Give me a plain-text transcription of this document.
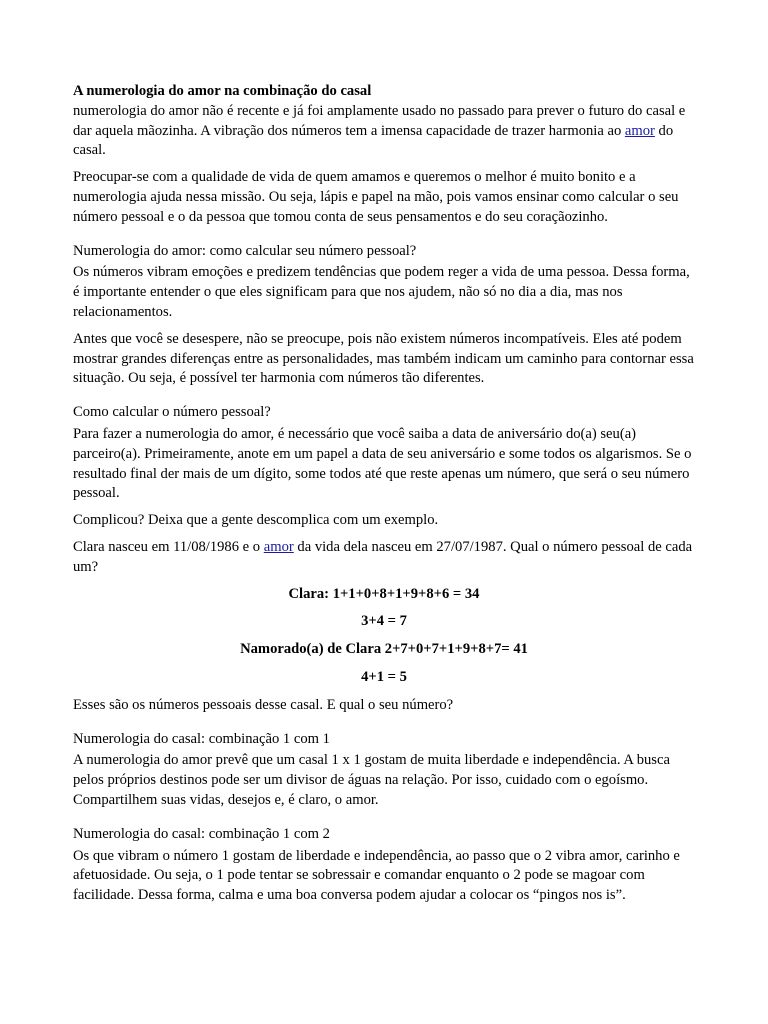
A numerologia do amor na combinação do casal

numerologia do amor não é recente e já foi amplamente usado no passado para prever o futuro do casal e dar aquela mãozinha. A vibração dos números tem a imensa capacidade de trazer harmonia ao amor do casal.

Preocupar-se com a qualidade de vida de quem amamos e queremos o melhor é muito bonito e a numerologia ajuda nessa missão. Ou seja, lápis e papel na mão, pois vamos ensinar como calcular o seu número pessoal e o da pessoa que tomou conta de seus pensamentos e do seu coraçãozinho.

Numerologia do amor: como calcular seu número pessoal?

Os números vibram emoções e predizem tendências que podem reger a vida de uma pessoa. Dessa forma, é importante entender o que eles significam para que nos ajudem, não só no dia a dia, mas nos relacionamentos.

Antes que você se desespere, não se preocupe, pois não existem números incompatíveis. Eles até podem mostrar grandes diferenças entre as personalidades, mas também indicam um caminho para contornar essa situação. Ou seja, é possível ter harmonia com números tão diferentes.

Como calcular o número pessoal?

Para fazer a numerologia do amor, é necessário que você saiba a data de aniversário do(a) seu(a) parceiro(a). Primeiramente, anote em um papel a data de seu aniversário e some todos os algarismos. Se o resultado final der mais de um dígito, some todos até que reste apenas um número, que será o seu número pessoal.

Complicou? Deixa que a gente descomplica com um exemplo.

Clara nasceu em 11/08/1986 e o amor da vida dela nasceu em 27/07/1987. Qual o número pessoal de cada um?

Clara: 1+1+0+8+1+9+8+6 = 34

3+4 = 7

Namorado(a) de Clara 2+7+0+7+1+9+8+7= 41

4+1 = 5

Esses são os números pessoais desse casal. E qual o seu número?

Numerologia do casal: combinação 1 com 1

A numerologia do amor prevê que um casal 1 x 1 gostam de muita liberdade e independência. A busca pelos próprios destinos pode ser um divisor de águas na relação. Por isso, cuidado com o egoísmo. Compartilhem suas vidas, desejos e, é claro, o amor.

Numerologia do casal: combinação 1 com 2

Os que vibram o número 1 gostam de liberdade e independência, ao passo que o 2 vibra amor, carinho e afetuosidade. Ou seja, o 1 pode tentar se sobressair e comandar enquanto o 2 pode se magoar com facilidade. Dessa forma, calma e uma boa conversa podem ajudar a colocar os “pingos nos is”.
